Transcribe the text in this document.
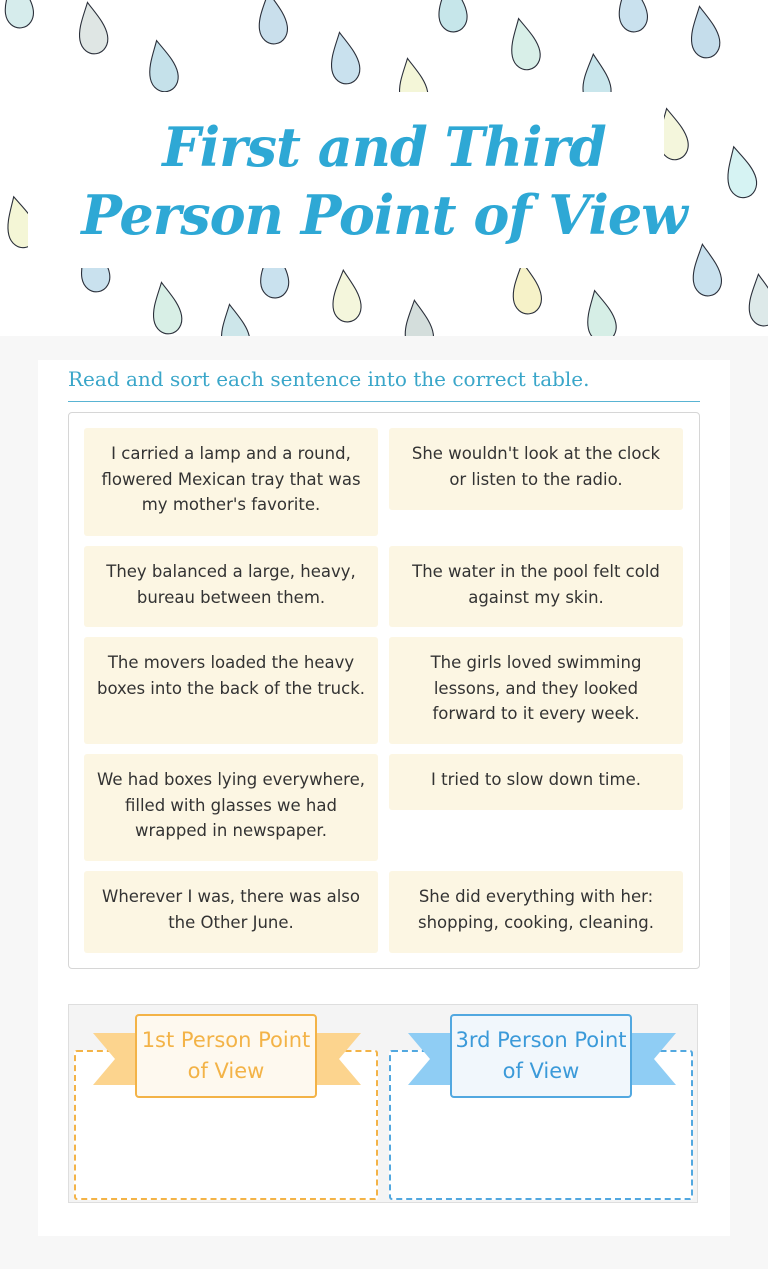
First and Third
Person Point of View
Read and sort each sentence into the correct table.
I carried a lamp and a round, flowered Mexican tray that was my mother's favorite.
She wouldn't look at the clock or listen to the radio.
They balanced a large, heavy, bureau between them.
The water in the pool felt cold against my skin.
The movers loaded the heavy boxes into the back of the truck.
The girls loved swimming lessons, and they looked forward to it every week.
We had boxes lying everywhere, filled with glasses we had wrapped in newspaper.
I tried to slow down time.
Wherever I was, there was also the Other June.
She did everything with her: shopping, cooking, cleaning.
1st Person Point of View
3rd Person Point of View
